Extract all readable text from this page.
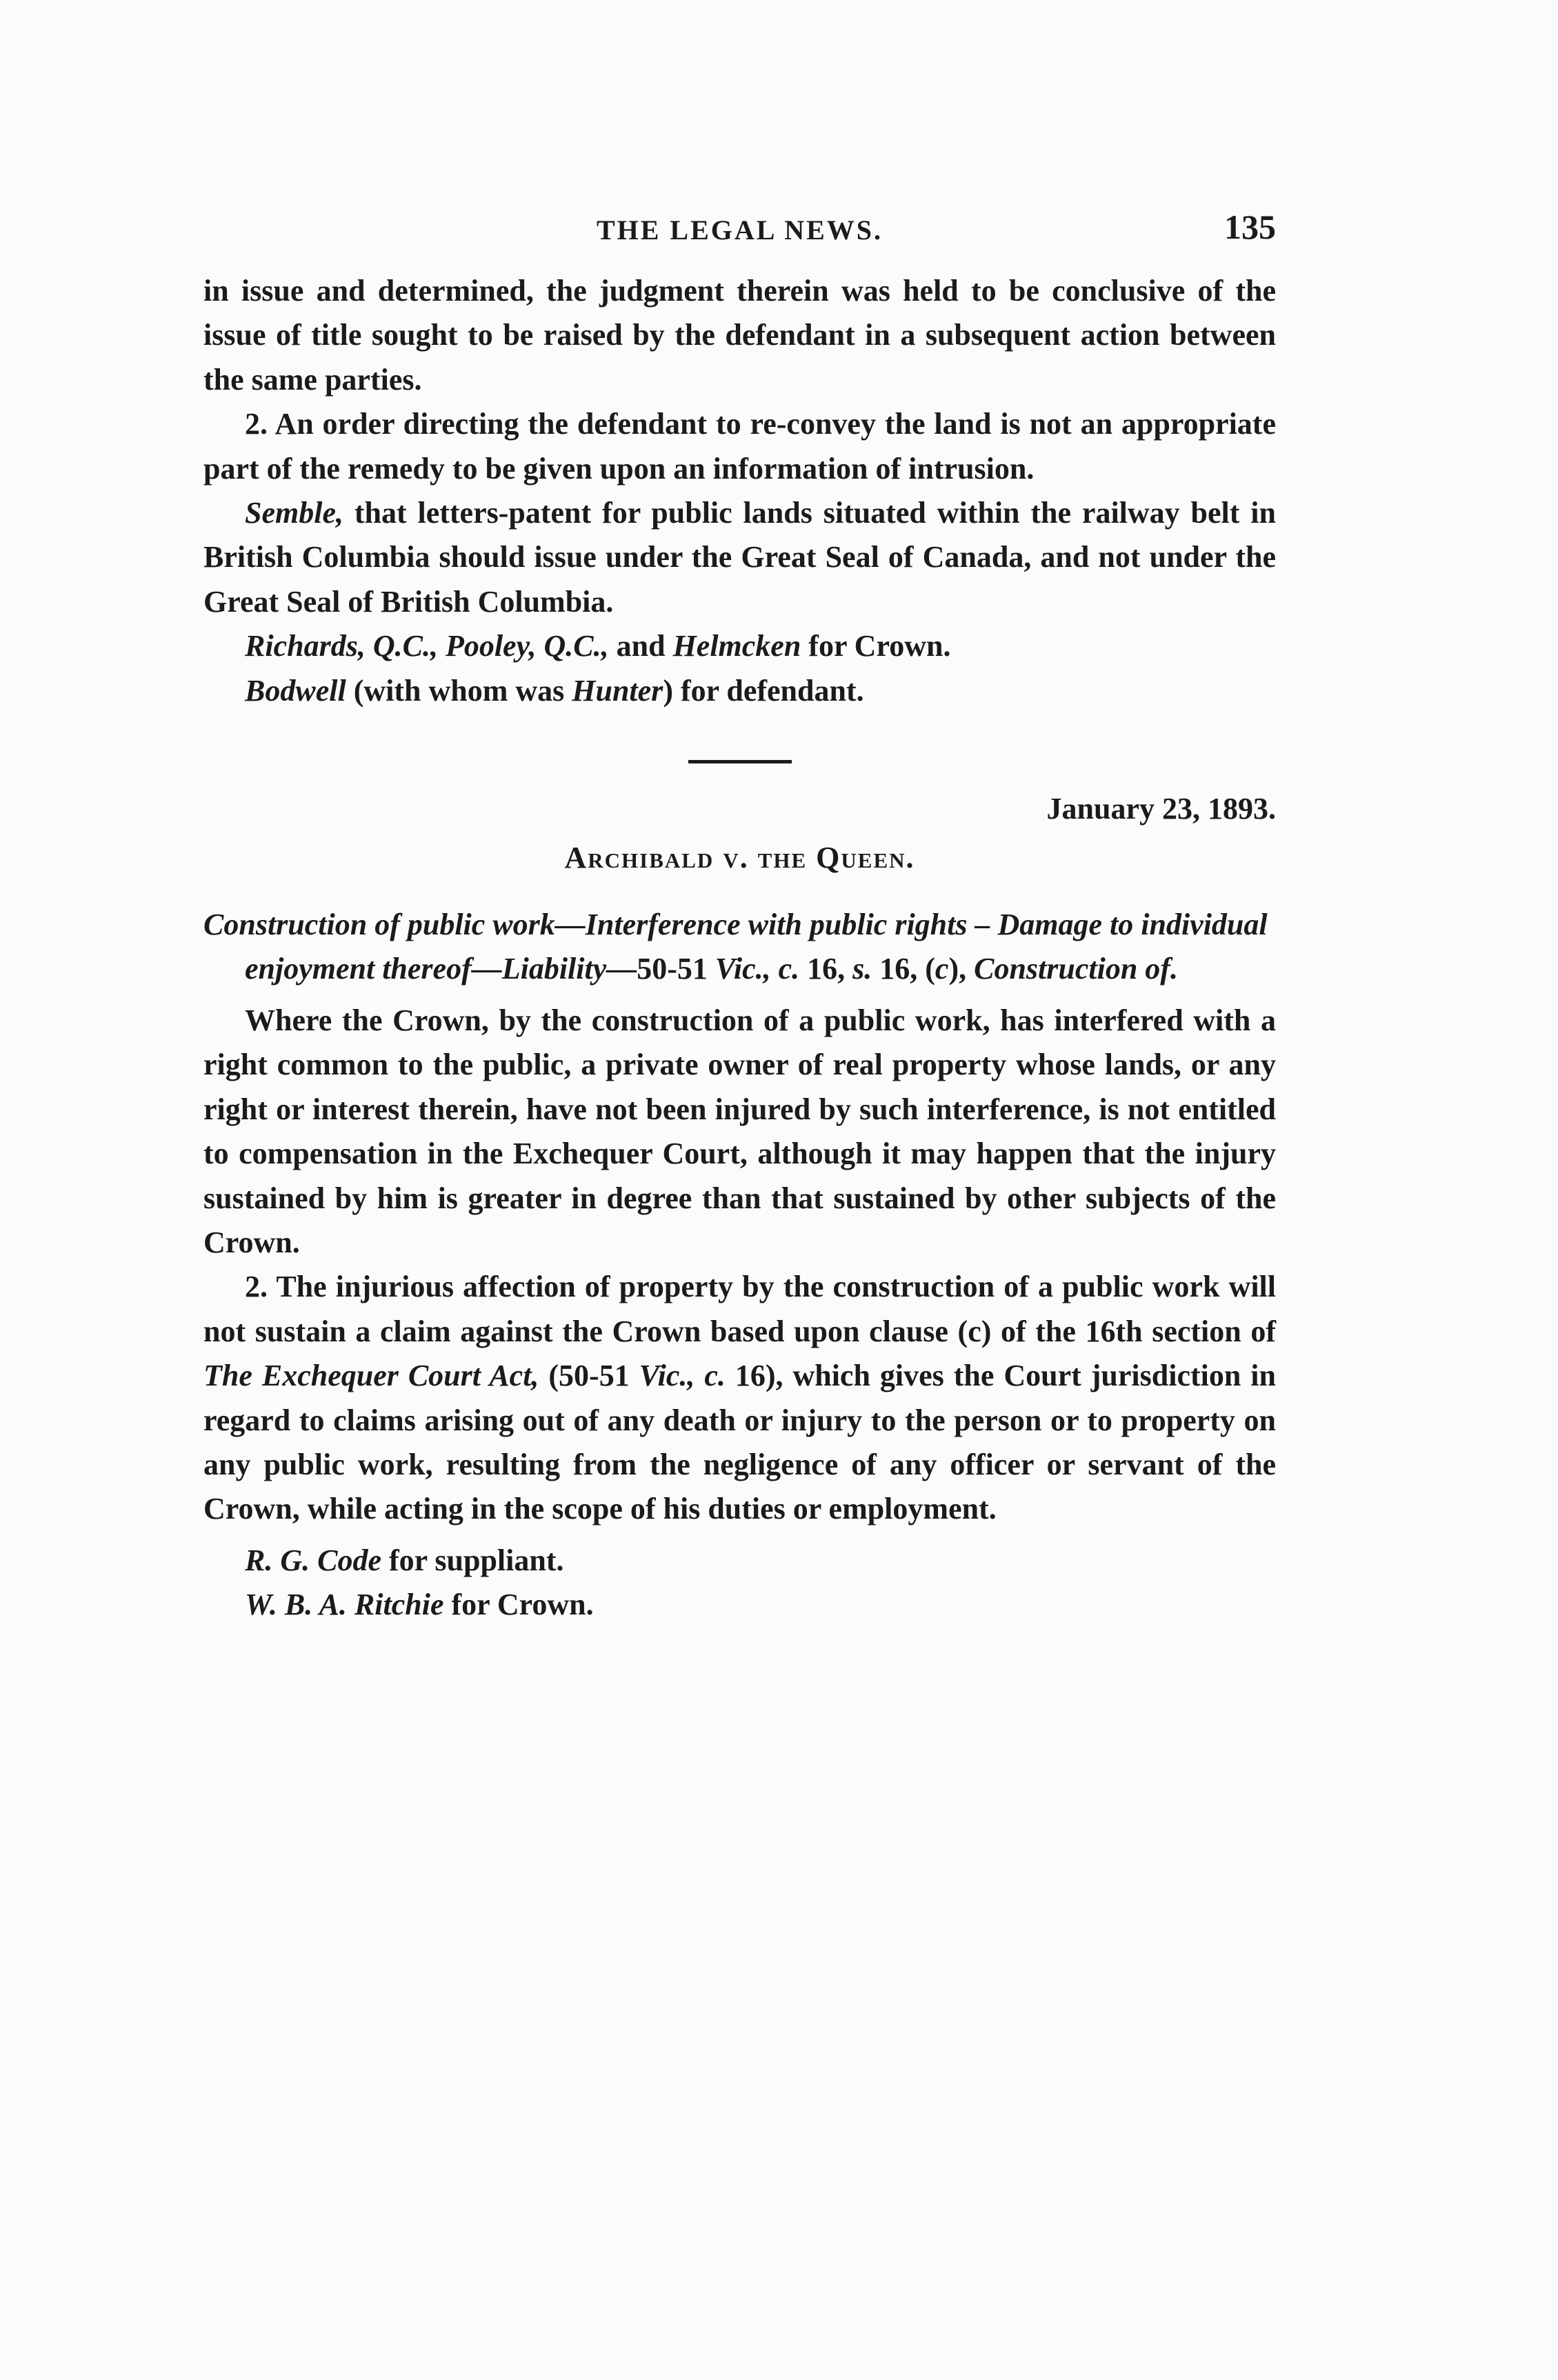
THE LEGAL NEWS.	135

in issue and determined, the judgment therein was held to be conclusive of the issue of title sought to be raised by the defendant in a subsequent action between the same parties.

2. An order directing the defendant to re-convey the land is not an appropriate part of the remedy to be given upon an information of intrusion.

Semble, that letters-patent for public lands situated within the railway belt in British Columbia should issue under the Great Seal of Canada, and not under the Great Seal of British Columbia.

Richards, Q.C., Pooley, Q.C., and Helmcken for Crown.

Bodwell (with whom was Hunter) for defendant.

January 23, 1893.
Archibald v. the Queen.

Construction of public work—Interference with public rights – Damage to individual enjoyment thereof—Liability—50-51 Vic., c. 16, s. 16, (c), Construction of.

Where the Crown, by the construction of a public work, has interfered with a right common to the public, a private owner of real property whose lands, or any right or interest therein, have not been injured by such interference, is not entitled to compensation in the Exchequer Court, although it may happen that the injury sustained by him is greater in degree than that sustained by other subjects of the Crown.

2. The injurious affection of property by the construction of a public work will not sustain a claim against the Crown based upon clause (c) of the 16th section of The Exchequer Court Act, (50-51 Vic., c. 16), which gives the Court jurisdiction in regard to claims arising out of any death or injury to the person or to property on any public work, resulting from the negligence of any officer or servant of the Crown, while acting in the scope of his duties or employment.

R. G. Code for suppliant.

W. B. A. Ritchie for Crown.
